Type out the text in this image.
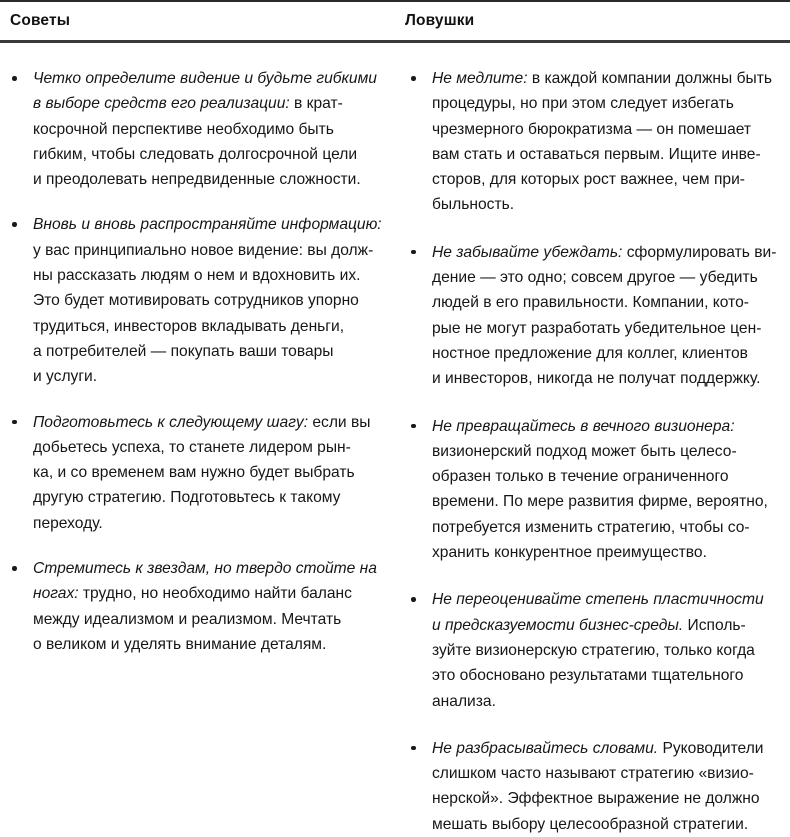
Советы	Ловушки
Четко определите видение и будьте гибкими
в выборе средств его реализации: в крат-
косрочной перспективе необходимо быть
гибким, чтобы следовать долгосрочной цели
и преодолевать непредвиденные сложности.
Вновь и вновь распространяйте информацию:
у вас принципиально новое видение: вы долж-
ны рассказать людям о нем и вдохновить их.
Это будет мотивировать сотрудников упорно
трудиться, инвесторов вкладывать деньги,
а потребителей — покупать ваши товары
и услуги.
Подготовьтесь к следующему шагу: если вы
добьетесь успеха, то станете лидером рын-
ка, и со временем вам нужно будет выбрать
другую стратегию. Подготовьтесь к такому
переходу.
Стремитесь к звездам, но твердо стойте на
ногах: трудно, но необходимо найти баланс
между идеализмом и реализмом. Мечтать
о великом и уделять внимание деталям.
Не медлите: в каждой компании должны быть
процедуры, но при этом следует избегать
чрезмерного бюрократизма — он помешает
вам стать и оставаться первым. Ищите инве-
сторов, для которых рост важнее, чем при-
быльность.
Не забывайте убеждать: сформулировать ви-
дение — это одно; совсем другое — убедить
людей в его правильности. Компании, кото-
рые не могут разработать убедительное цен-
ностное предложение для коллег, клиентов
и инвесторов, никогда не получат поддержку.
Не превращайтесь в вечного визионера:
визионерский подход может быть целесо-
образен только в течение ограниченного
времени. По мере развития фирме, вероятно,
потребуется изменить стратегию, чтобы со-
хранить конкурентное преимущество.
Не переоценивайте степень пластичности
и предсказуемости бизнес-среды. Исполь-
зуйте визионерскую стратегию, только когда
это обосновано результатами тщательного
анализа.
Не разбрасывайтесь словами. Руководители
слишком часто называют стратегию «визио-
нерской». Эффектное выражение не должно
мешать выбору целесообразной стратегии.
